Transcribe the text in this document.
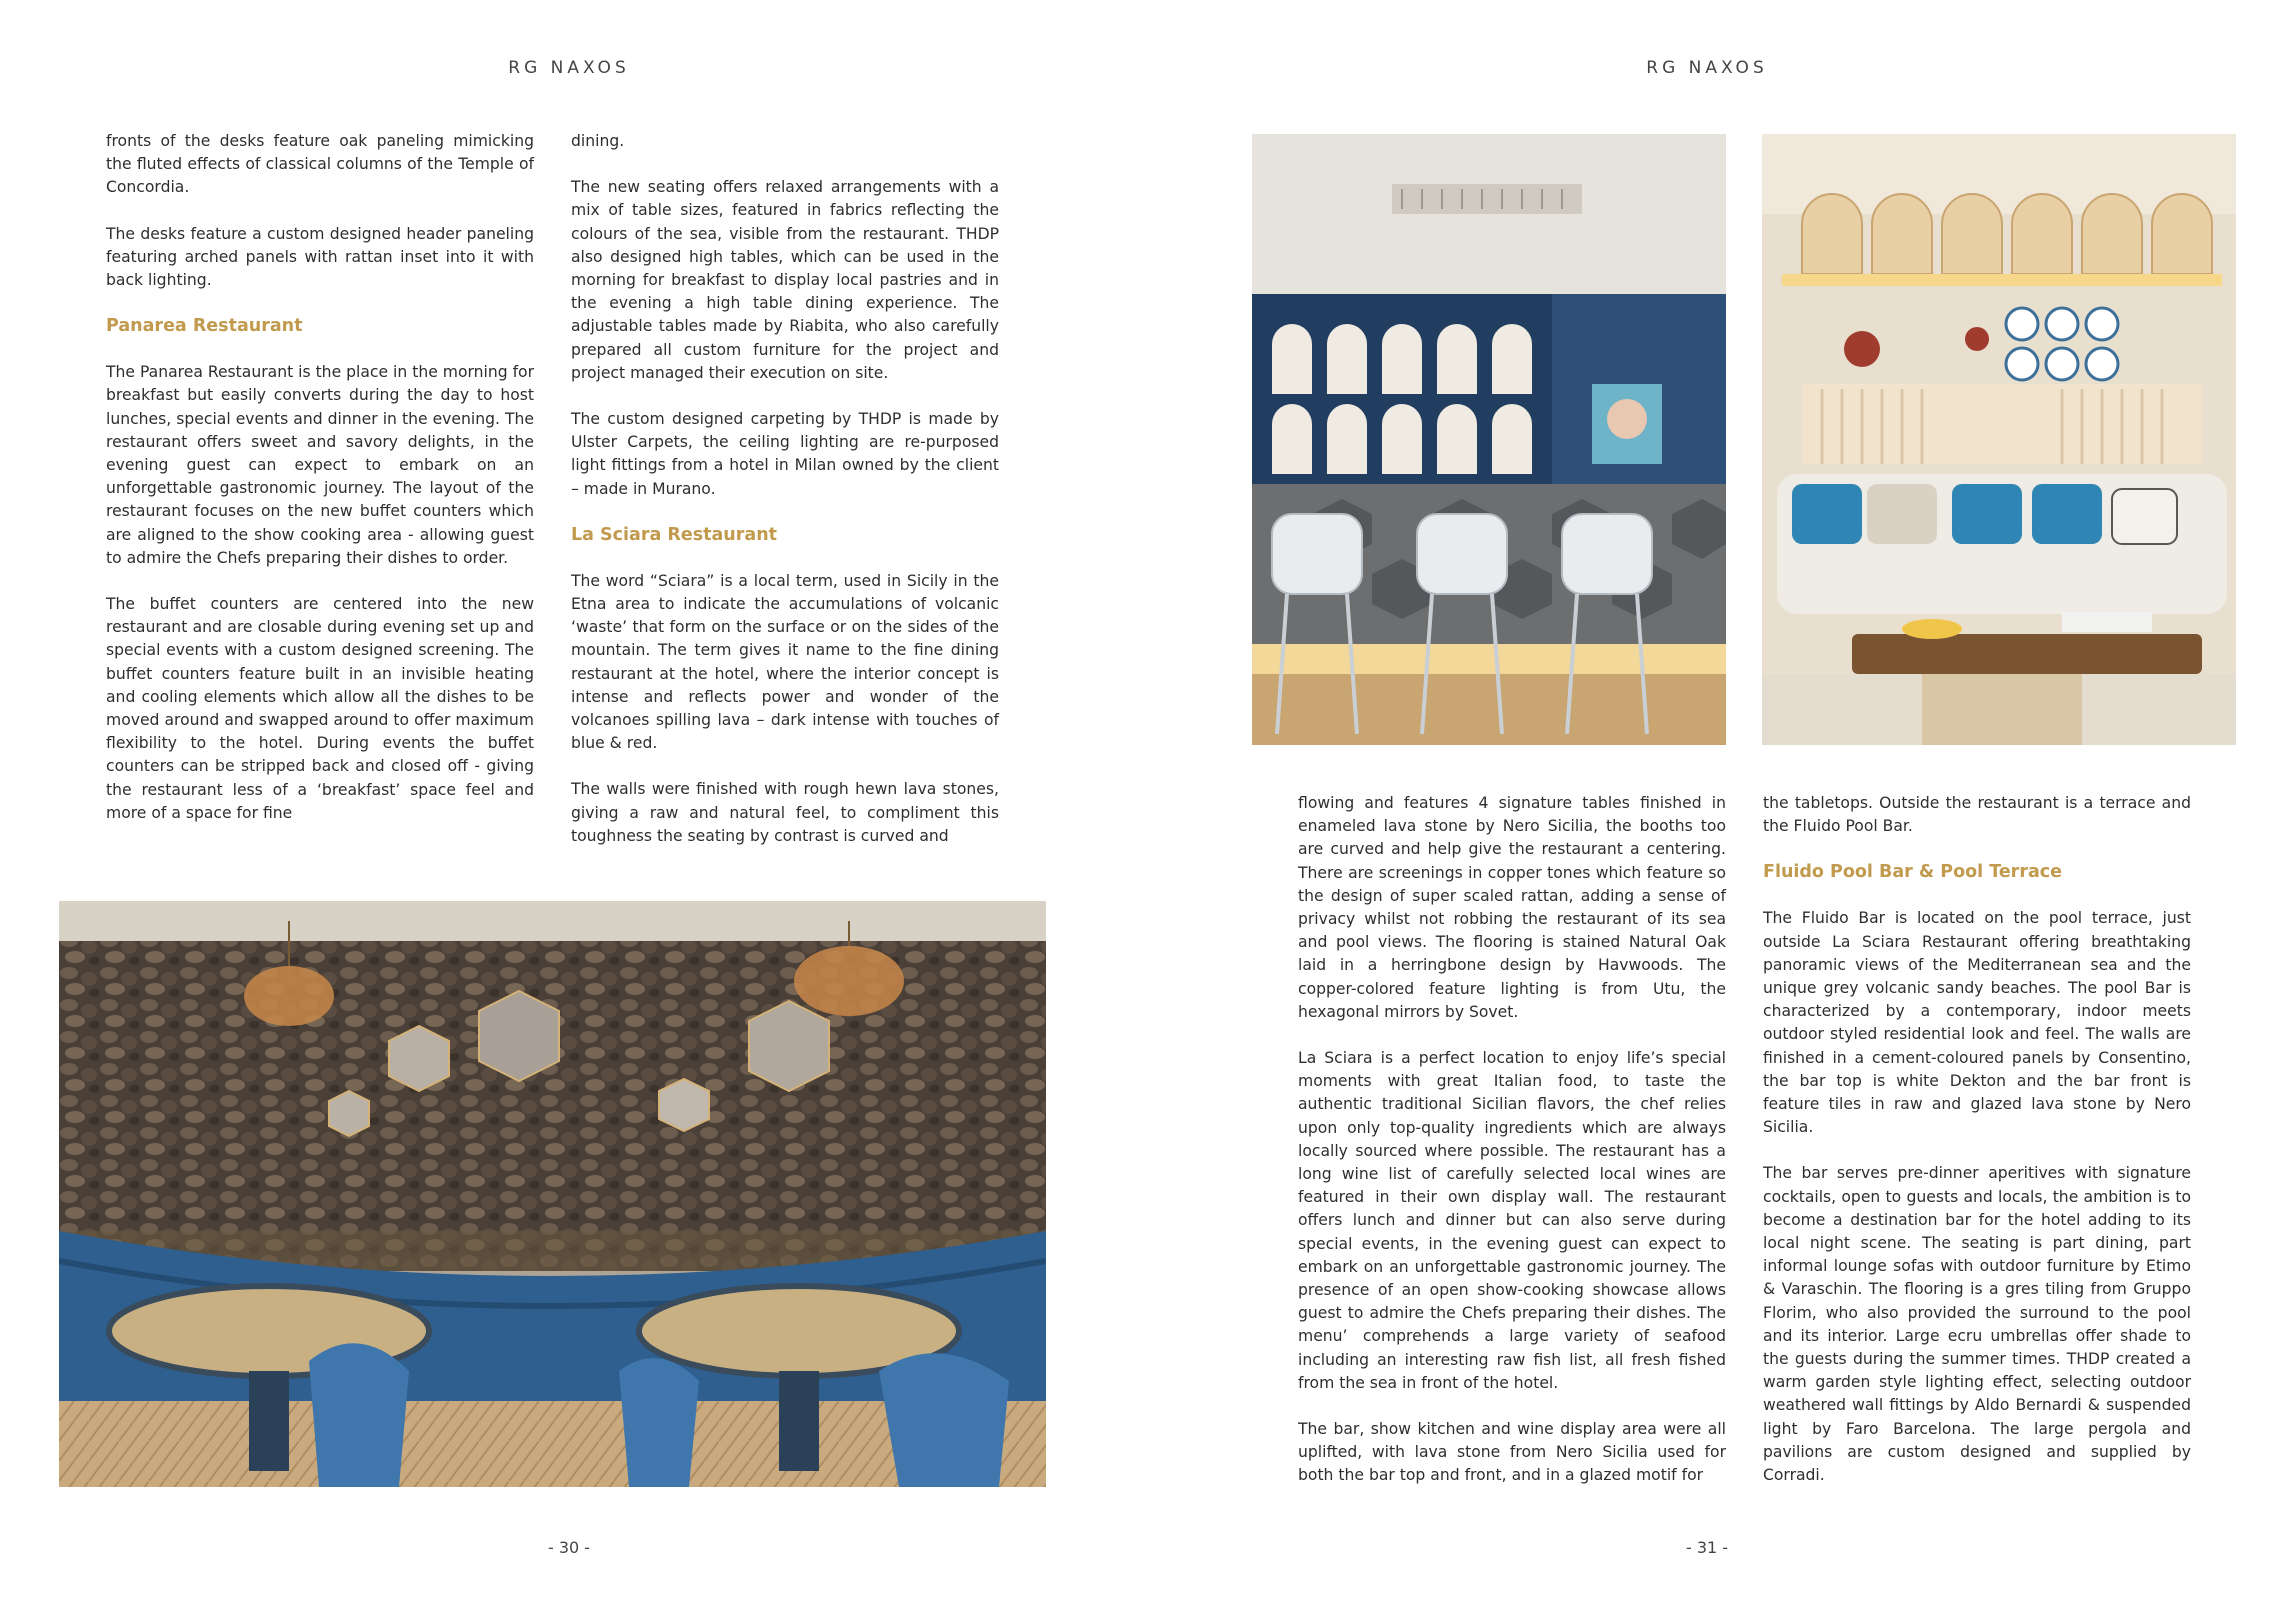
RG NAXOS

fronts of the desks feature oak paneling mimicking the fluted effects of classical columns of the Temple of Concordia.

The desks feature a custom designed header paneling featuring arched panels with rattan inset into it with back lighting.

Panarea Restaurant

The Panarea Restaurant is the place in the morning for breakfast but easily converts during the day to host lunches, special events and dinner in the evening. The restaurant offers sweet and savory delights, in the evening guest can expect to embark on an unforgettable gastronomic journey. The layout of the restaurant focuses on the new buffet counters which are aligned to the show cooking area - allowing guest to admire the Chefs preparing their dishes to order.

The buffet counters are centered into the new restaurant and are closable during evening set up and special events with a custom designed screening. The buffet counters feature built in an invisible heating and cooling elements which allow all the dishes to be moved around and swapped around to offer maximum flexibility to the hotel. During events the buffet counters can be stripped back and closed off - giving the restaurant less of a ‘breakfast’ space feel and more of a space for fine

dining.

The new seating offers relaxed arrangements with a mix of table sizes, featured in fabrics reflecting the colours of the sea, visible from the restaurant. THDP also designed high tables, which can be used in the morning for breakfast to display local pastries and in the evening a high table dining experience. The adjustable tables made by Riabita, who also carefully prepared all custom furniture for the project and project managed their execution on site.

The custom designed carpeting by THDP is made by Ulster Carpets, the ceiling lighting are re-purposed light fittings from a hotel in Milan owned by the client – made in Murano.

La Sciara Restaurant

The word “Sciara” is a local term, used in Sicily in the Etna area to indicate the accumulations of volcanic ‘waste’ that form on the surface or on the sides of the mountain. The term gives it name to the fine dining restaurant at the hotel, where the interior concept is intense and reflects power and wonder of the volcanoes spilling lava – dark intense with touches of blue & red.

The walls were finished with rough hewn lava stones, giving a raw and natural feel, to compliment this toughness the seating by contrast is curved and

- 30 -
RG NAXOS

flowing and features 4 signature tables finished in enameled lava stone by Nero Sicilia, the booths too are curved and help give the restaurant a centering. There are screenings in copper tones which feature so the design of super scaled rattan, adding a sense of privacy whilst not robbing the restaurant of its sea and pool views. The flooring is stained Natural Oak laid in a herringbone design by Havwoods. The copper-colored feature lighting is from Utu, the hexagonal mirrors by Sovet.

La Sciara is a perfect location to enjoy life’s special moments with great Italian food, to taste the authentic traditional Sicilian flavors, the chef relies upon only top-quality ingredients which are always locally sourced where possible. The restaurant has a long wine list of carefully selected local wines are featured in their own display wall. The restaurant offers lunch and dinner but can also serve during special events, in the evening guest can expect to embark on an unforgettable gastronomic journey. The presence of an open show-cooking showcase allows guest to admire the Chefs preparing their dishes. The menu’ comprehends a large variety of seafood including an interesting raw fish list, all fresh fished from the sea in front of the hotel.

The bar, show kitchen and wine display area were all uplifted, with lava stone from Nero Sicilia used for both the bar top and front, and in a glazed motif for

the tabletops. Outside the restaurant is a terrace and the Fluido Pool Bar.

Fluido Pool Bar & Pool Terrace

The Fluido Bar is located on the pool terrace, just outside La Sciara Restaurant offering breathtaking panoramic views of the Mediterranean sea and the unique grey volcanic sandy beaches. The pool Bar is characterized by a contemporary, indoor meets outdoor styled residential look and feel. The walls are finished in a cement-coloured panels by Consentino, the bar top is white Dekton and the bar front is feature tiles in raw and glazed lava stone by Nero Sicilia.

The bar serves pre-dinner aperitives with signature cocktails, open to guests and locals, the ambition is to become a destination bar for the hotel adding to its local night scene. The seating is part dining, part informal lounge sofas with outdoor furniture by Etimo & Varaschin. The flooring is a gres tiling from Gruppo Florim, who also provided the surround to the pool and its interior. Large ecru umbrellas offer shade to the guests during the summer times. THDP created a warm garden style lighting effect, selecting outdoor weathered wall fittings by Aldo Bernardi & suspended light by Faro Barcelona. The large pergola and pavilions are custom designed and supplied by Corradi.

- 31 -
